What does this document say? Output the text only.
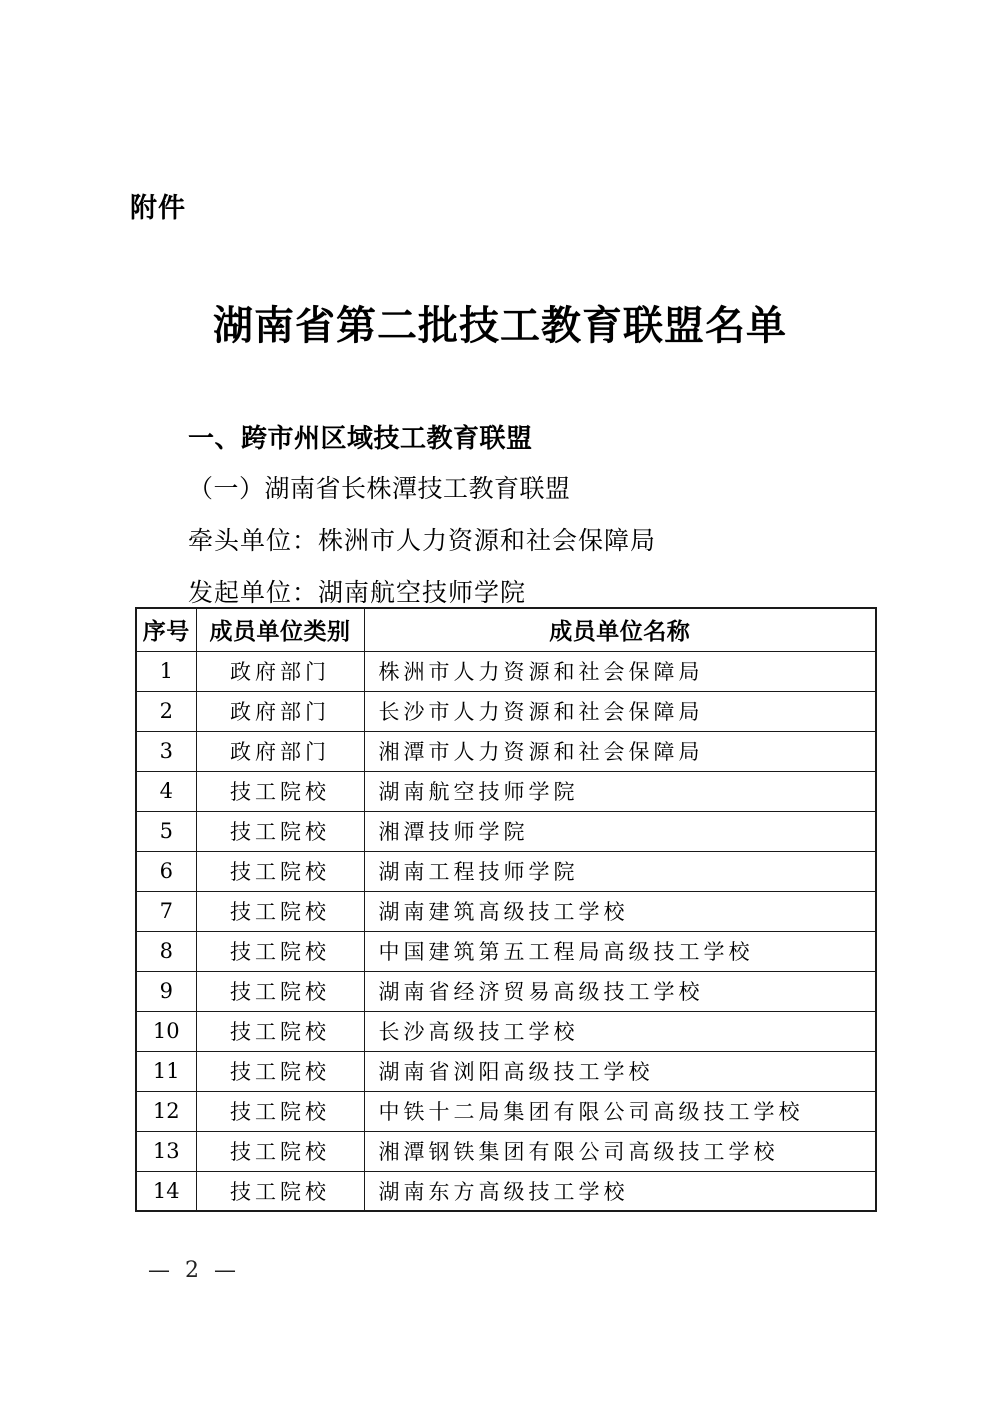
附件
湖南省第二批技工教育联盟名单
一、跨市州区域技工教育联盟
（一）湖南省长株潭技工教育联盟
牵头单位：株洲市人力资源和社会保障局
发起单位：湖南航空技师学院
序号	成员单位类别	成员单位名称
1	政府部门	株洲市人力资源和社会保障局
2	政府部门	长沙市人力资源和社会保障局
3	政府部门	湘潭市人力资源和社会保障局
4	技工院校	湖南航空技师学院
5	技工院校	湘潭技师学院
6	技工院校	湖南工程技师学院
7	技工院校	湖南建筑高级技工学校
8	技工院校	中国建筑第五工程局高级技工学校
9	技工院校	湖南省经济贸易高级技工学校
10	技工院校	长沙高级技工学校
11	技工院校	湖南省浏阳高级技工学校
12	技工院校	中铁十二局集团有限公司高级技工学校
13	技工院校	湘潭钢铁集团有限公司高级技工学校
14	技工院校	湖南东方高级技工学校
— 2 —
